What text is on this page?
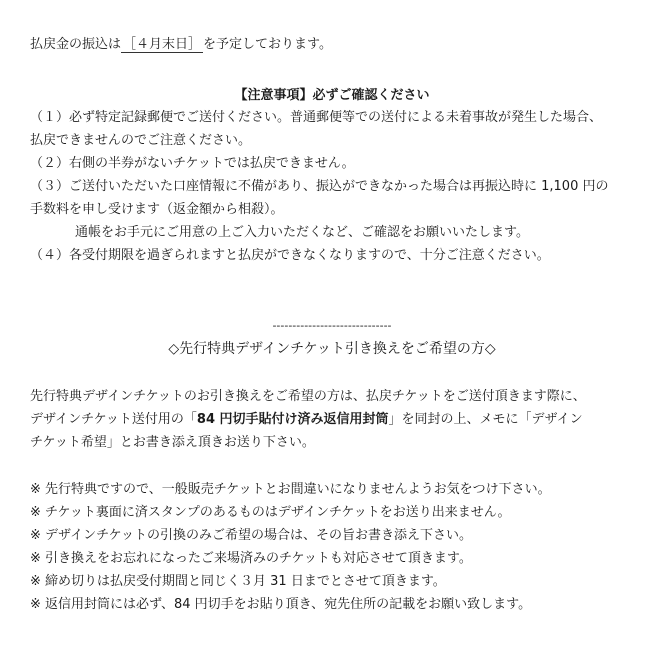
払戻金の振込は ［４月末日］ を予定しております。
【注意事項】必ずご確認ください
（１）必ず特定記録郵便でご送付ください。普通郵便等での送付による未着事故が発生した場合、
払戻できませんのでご注意ください。
（２）右側の半券がないチケットでは払戻できません。
（３）ご送付いただいた口座情報に不備があり、振込ができなかった場合は再振込時に 1,100 円の
手数料を申し受けます（返金額から相殺）。
通帳をお手元にご用意の上ご入力いただくなど、ご確認をお願いいたします。
（４）各受付期限を過ぎられますと払戻ができなくなりますので、十分ご注意ください。
------------------------------
◇先行特典デザインチケット引き換えをご希望の方◇
先行特典デザインチケットのお引き換えをご希望の方は、払戻チケットをご送付頂きます際に、
デザインチケット送付用の「84 円切手貼付け済み返信用封筒」を同封の上、メモに「デザイン
チケット希望」とお書き添え頂きお送り下さい。
※ 先行特典ですので、一般販売チケットとお間違いになりませんようお気をつけ下さい。
※ チケット裏面に済スタンプのあるものはデザインチケットをお送り出来ません。
※ デザインチケットの引換のみご希望の場合は、その旨お書き添え下さい。
※ 引き換えをお忘れになったご来場済みのチケットも対応させて頂きます。
※ 締め切りは払戻受付期間と同じく３月 31 日までとさせて頂きます。
※ 返信用封筒には必ず、84 円切手をお貼り頂き、宛先住所の記載をお願い致します。
